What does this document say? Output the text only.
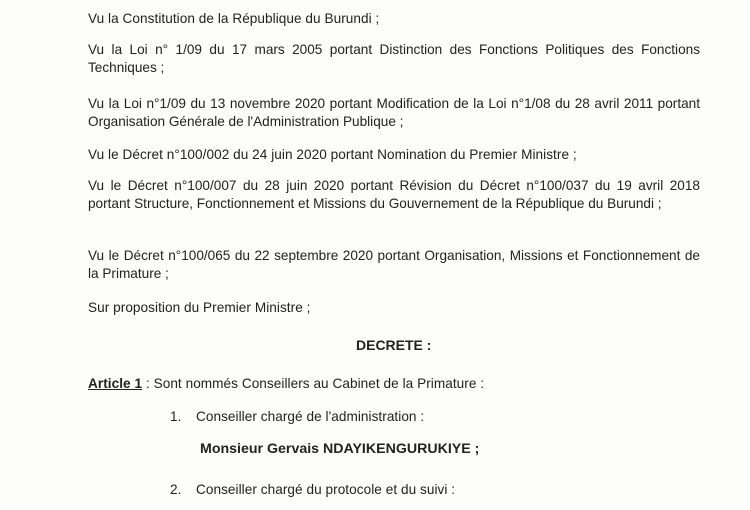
Vu la Constitution de la République du Burundi ;
Vu la Loi n° 1/09 du 17 mars 2005 portant Distinction des Fonctions Politiques des Fonctions Techniques ;
Vu la Loi n°1/09 du 13 novembre 2020 portant Modification de la Loi n°1/08 du 28 avril 2011 portant Organisation Générale de l'Administration Publique ;
Vu le Décret n°100/002 du 24 juin 2020 portant Nomination du Premier Ministre ;
Vu le Décret n°100/007 du 28 juin 2020 portant Révision du Décret n°100/037 du 19 avril 2018 portant Structure, Fonctionnement et Missions du Gouvernement de la République du Burundi ;
Vu le Décret n°100/065 du 22 septembre 2020 portant Organisation, Missions et Fonctionnement de la Primature ;
Sur proposition du Premier Ministre ;
DECRETE :
Article 1 : Sont nommés Conseillers au Cabinet de la Primature :
1. Conseiller chargé de l'administration :
Monsieur Gervais NDAYIKENGURUKIYE ;
2. Conseiller chargé du protocole et du suivi :
